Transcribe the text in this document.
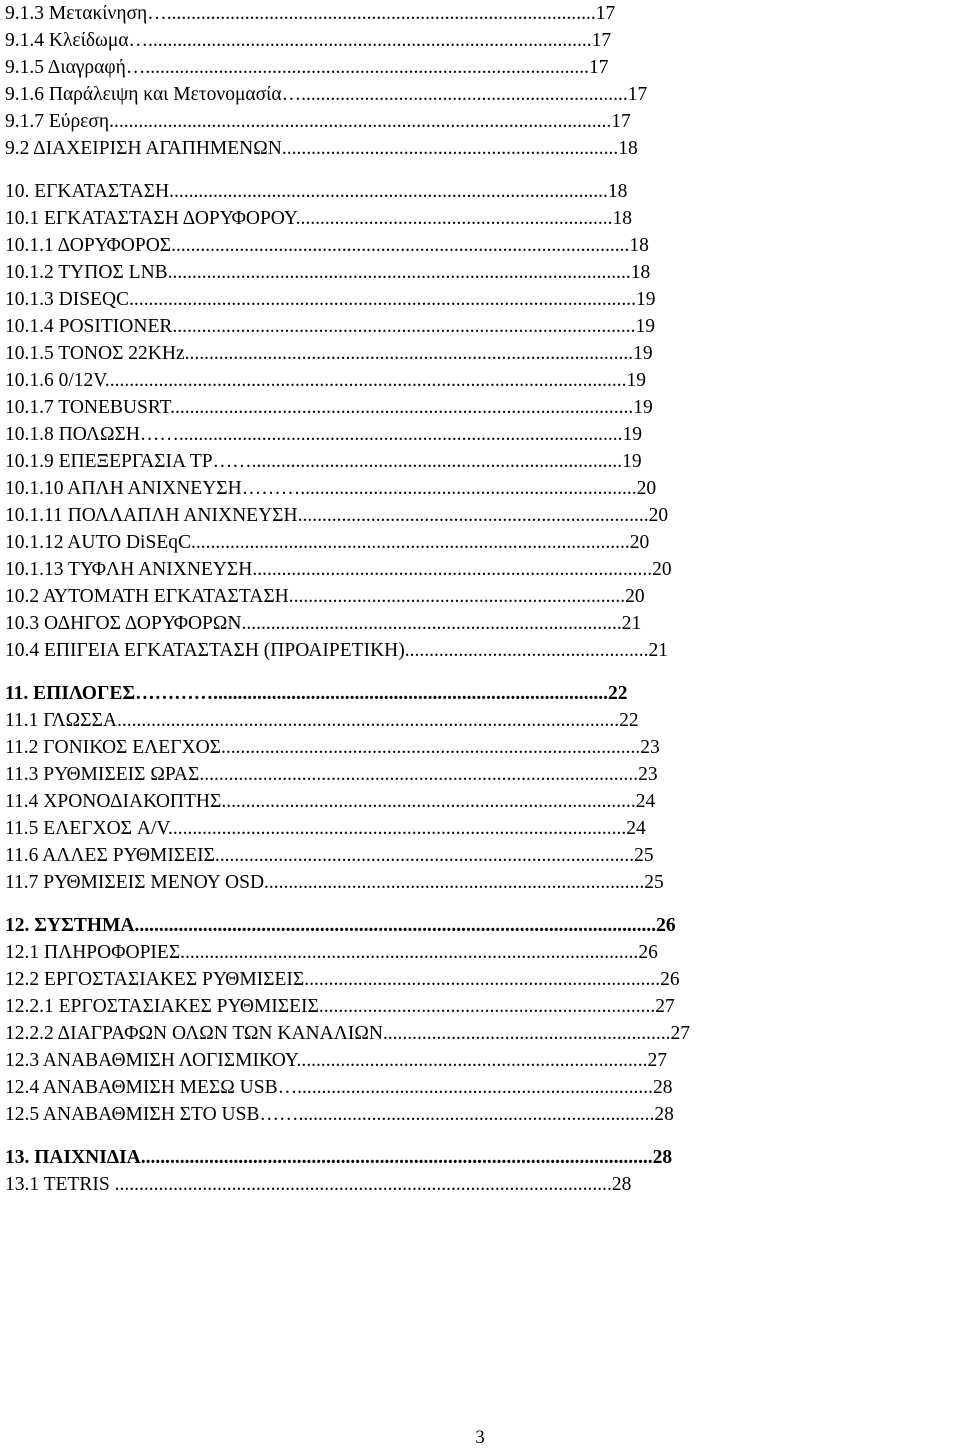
9.1.3 Μετακίνηση…........................................................................................17
9.1.4 Κλείδωμα…...........................................................................................17
9.1.5 Διαγραφή…...........................................................................................17
9.1.6 Παράλειψη και Μετονομασία…...................................................................17
9.1.7 Εύρεση.......................................................................................................17
9.2 ΔΙΑΧΕΙΡΙΣΗ ΑΓΑΠΗΜΕΝΩΝ.....................................................................18
10. ΕΓΚΑΤΑΣΤΑΣΗ..........................................................................................18
10.1 ΕΓΚΑΤΑΣΤΑΣΗ ΔΟΡΥΦΟΡΟΥ.................................................................18
10.1.1 ΔΟΡΥΦΟΡΟΣ..............................................................................................18
10.1.2 ΤΥΠΟΣ LNB...............................................................................................18
10.1.3 DISEQC........................................................................................................19
10.1.4 POSITIONER...............................................................................................19
10.1.5 ΤΟΝΟΣ 22KHz............................................................................................19
10.1.6 0/12V...........................................................................................................19
10.1.7 TONEBUSRT...............................................................................................19
10.1.8 ΠΟΛΩΣΗ……...........................................................................................19
10.1.9 ΕΠΕΞΕΡΓΑΣΙΑ TP……............................................................................19
10.1.10 ΑΠΛΗ ΑΝΙΧΝΕΥΣΗ……….....................................................................20
10.1.11 ΠΟΛΛΑΠΛΗ ΑΝΙΧΝΕΥΣΗ........................................................................20
10.1.12 AUTO DiSEqC..........................................................................................20
10.1.13 ΤΥΦΛΗ ΑΝΙΧΝΕΥΣΗ..................................................................................20
10.2 ΑΥΤΟΜΑΤΗ ΕΓΚΑΤΑΣΤΑΣΗ.....................................................................20
10.3 ΟΔΗΓΟΣ ΔΟΡΥΦΟΡΩΝ..............................................................................21
10.4 ΕΠΙΓΕΙΑ ΕΓΚΑΤΑΣΤΑΣΗ (ΠΡΟΑΙΡΕΤΙΚΗ)..................................................21
11. ΕΠΙΛΟΓΕΣ………….................................................................................22
11.1 ΓΛΩΣΣΑ.......................................................................................................22
11.2 ΓΟΝΙΚΟΣ ΕΛΕΓΧΟΣ......................................................................................23
11.3 ΡΥΘΜΙΣΕΙΣ ΩΡΑΣ..........................................................................................23
11.4 ΧΡΟΝΟΔΙΑΚΟΠΤΗΣ.....................................................................................24
11.5 ΕΛΕΓΧΟΣ A/V..............................................................................................24
11.6 ΑΛΛΕΣ ΡΥΘΜΙΣΕΙΣ......................................................................................25
11.7 ΡΥΘΜΙΣΕΙΣ ΜΕΝΟΥ OSD..............................................................................25
12. ΣΥΣΤΗΜΑ...........................................................................................................26
12.1 ΠΛΗΡΟΦΟΡΙΕΣ..............................................................................................26
12.2 ΕΡΓΟΣΤΑΣΙΑΚΕΣ ΡΥΘΜΙΣΕΙΣ.........................................................................26
12.2.1 ΕΡΓΟΣΤΑΣΙΑΚΕΣ ΡΥΘΜΙΣΕΙΣ.....................................................................27
12.2.2 ΔΙΑΓΡΑΦΩΝ ΟΛΩΝ ΤΩΝ ΚΑΝΑΛΙΩΝ...........................................................27
12.3 ΑΝΑΒΑΘΜΙΣΗ ΛΟΓΙΣΜΙΚΟΥ........................................................................27
12.4 ΑΝΑΒΑΘΜΙΣΗ ΜΕΣΩ USB….........................................................................28
12.5 ΑΝΑΒΑΘΜΙΣΗ ΣΤΟ USB…….........................................................................28
13. ΠΑΙΧΝΙΔΙΑ.........................................................................................................28
13.1 TETRIS ......................................................................................................28
3
